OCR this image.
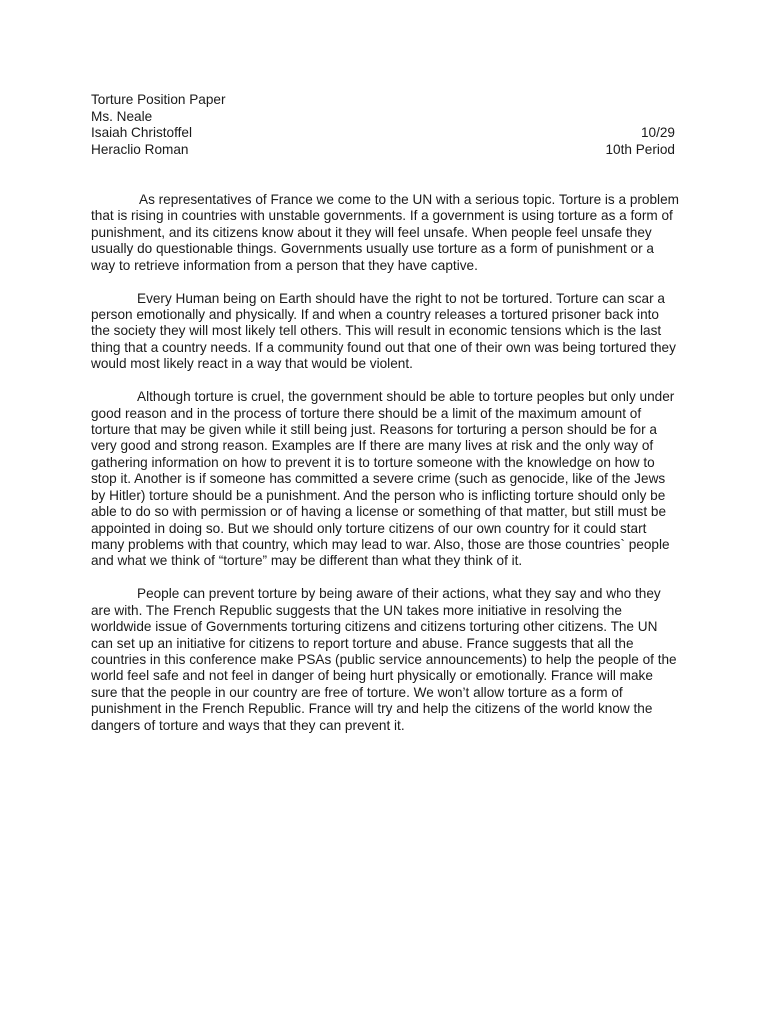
Torture Position Paper
Ms. Neale
Isaiah Christoffel	10/29
Heraclio Roman	10th Period

As representatives of France we come to the UN with a serious topic. Torture is a problem that is rising in countries with unstable governments. If a government is using torture as a form of punishment, and its citizens know about it they will feel unsafe. When people feel unsafe they usually do questionable things. Governments usually use torture as a form of punishment or a way to retrieve information from a person that they have captive.

Every Human being on Earth should have the right to not be tortured. Torture can scar a person emotionally and physically. If and when a country releases a tortured prisoner back into the society they will most likely tell others. This will result in economic tensions which is the last thing that a country needs. If a community found out that one of their own was being tortured they would most likely react in a way that would be violent.

Although torture is cruel, the government should be able to torture peoples but only under good reason and in the process of torture there should be a limit of the maximum amount of torture that may be given while it still being just. Reasons for torturing a person should be for a very good and strong reason. Examples are If there are many lives at risk and the only way of gathering information on how to prevent it is to torture someone with the knowledge on how to stop it. Another is if someone has committed a severe crime (such as genocide, like of the Jews by Hitler) torture should be a punishment. And the person who is inflicting torture should only be able to do so with permission or of having a license or something of that matter, but still must be appointed in doing so. But we should only torture citizens of our own country for it could start many problems with that country, which may lead to war. Also, those are those countries` people and what we think of “torture” may be different than what they think of it.

People can prevent torture by being aware of their actions, what they say and who they are with. The French Republic suggests that the UN takes more initiative in resolving the worldwide issue of Governments torturing citizens and citizens torturing other citizens. The UN can set up an initiative for citizens to report torture and abuse. France suggests that all the countries in this conference make PSAs (public service announcements) to help the people of the world feel safe and not feel in danger of being hurt physically or emotionally. France will make sure that the people in our country are free of torture. We won’t allow torture as a form of punishment in the French Republic. France will try and help the citizens of the world know the dangers of torture and ways that they can prevent it.
